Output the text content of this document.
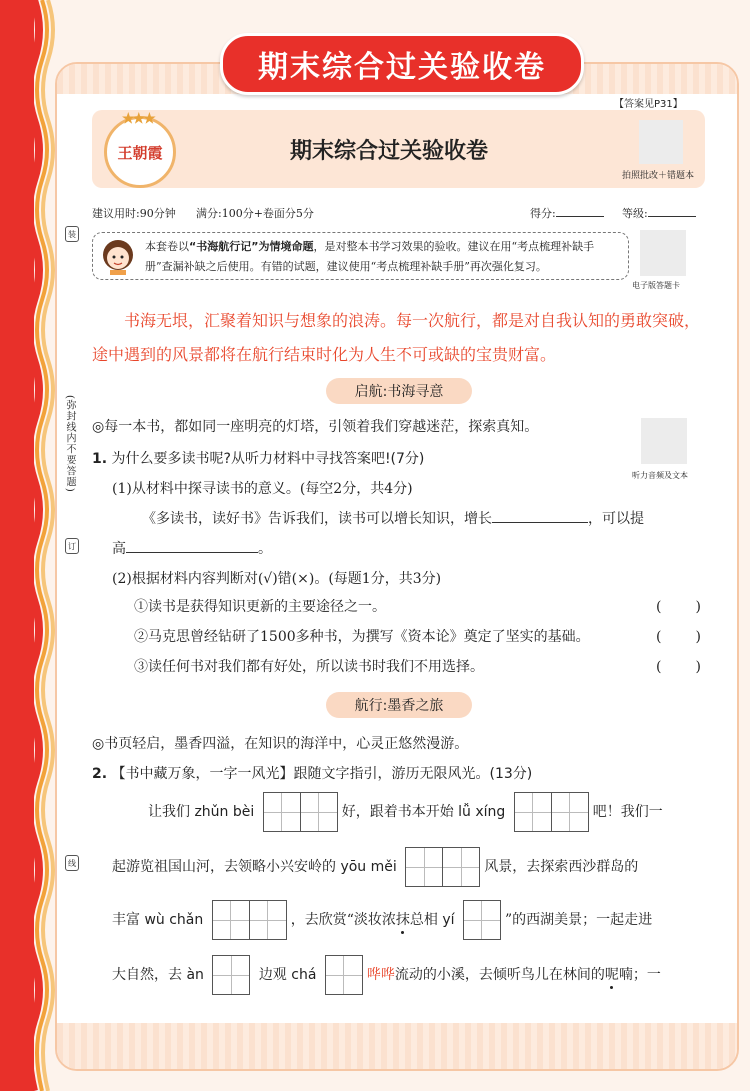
期末综合过关验收卷
【答案见P31】
★★★
王朝霞	期末综合过关验收卷
拍照批改＋错题本
建议用时:90分钟 满分:100分+卷面分5分	得分:	等级:
本套卷以“书海航行记”为情境命题，是对整本书学习效果的验收。建议在用“考点梳理补缺手册”查漏补缺之后使用。有错的试题，建议使用“考点梳理补缺手册”再次强化复习。
电子版答题卡
书海无垠，汇聚着知识与想象的浪涛。每一次航行，都是对自我认知的勇敢突破，途中遇到的风景都将在航行结束时化为人生不可或缺的宝贵财富。
(弥封线内不要答题)
装
订
线
启航:书海寻意
◎每一本书，都如同一座明亮的灯塔，引领着我们穿越迷茫，探索真知。
听力音频及文本
1. 为什么要多读书呢?从听力材料中寻找答案吧!(7分)
(1)从材料中探寻读书的意义。(每空2分，共4分)
《多读书，读好书》告诉我们，读书可以增长知识，增长	，可以提
高	。
(2)根据材料内容判断对(√)错(×)。(每题1分，共3分)
①读书是获得知识更新的主要途径之一。	(　　)
②马克思曾经钻研了1500多种书，为撰写《资本论》奠定了坚实的基础。	(　　)
③读任何书对我们都有好处，所以读书时我们不用选择。	(　　)
航行:墨香之旅
◎书页轻启，墨香四溢，在知识的海洋中，心灵正悠然漫游。
2. 【书中藏万象，一字一风光】跟随文字指引，游历无限风光。(13分)
让我们 zhǔn bèi	好，跟着书本开始 lǚ xíng	吧！我们一
起游览祖国山河，去领略小兴安岭的 yōu měi	风景，去探索西沙群岛的
丰富 wù chǎn	，去欣赏“淡妆浓抹总相 yí	”的西湖美景；一起走进
大自然，去 àn	边观 chá	哗哗流动的小溪，去倾听鸟儿在林间的呢喃；一
